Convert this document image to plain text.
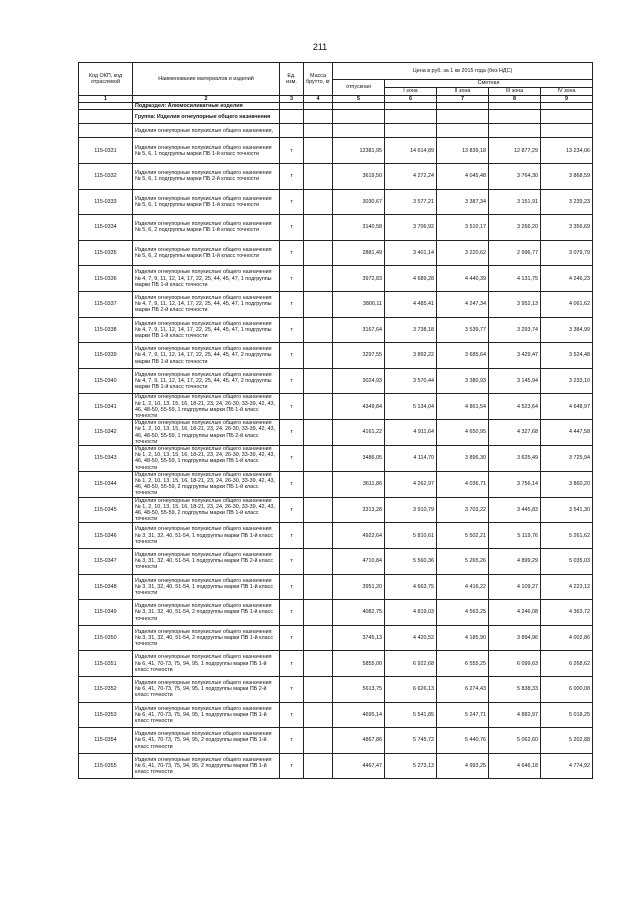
211
Код ОКП, код отраслевой	Наименование материалов и изделий	Ед. изм.	Масса брутто, кг	Цена в руб. за 1 кв 2015 года (без НДС)				
				отпускная	Сметная			
					I зона	II зона	III зона	IV зона
1	2	3	4	5	6	7	8	9
	Подраздел: Алюмосиликатные изделия							
	Группа: Изделия огнеупорные общего назначения							
	Изделия огнеупорные полукислые общего назначения,							
115-0331	Изделия огнеупорные полукислые общего назначения № 5, 6, 1 подгруппы марки ПБ 1-й класс точности	т		12381,95	14 614,89	13 839,18	12 877,29	13 234,06
115-0332	Изделия огнеупорные полукислые общего назначения № 5, 6, 1 подгруппы марки ПБ 2-й класс точности	т		3619,50	4 272,24	4 045,48	3 764,30	3 868,59
115-0333	Изделия огнеупорные полукислые общего назначения № 5, 6, 1 подгруппы марки ПВ 1-й класс точности	т		3030,67	3 577,21	3 387,34	3 151,91	3 239,23
115-0334	Изделия огнеупорные полукислые общего назначения № 5, 6, 2 подгруппы марки ПБ 1-й класс точности	т		3140,58	3 706,92	3 510,17	3 266,20	3 356,69
115-0335	Изделия огнеупорные полукислые общего назначения № 5, 6, 2 подгруппы марки ПВ 1-й класс точности	т		2881,49	3 401,14	3 220,62	2 996,77	3 079,79
115-0336	Изделия огнеупорные полукислые общего назначения № 4, 7, 9, 11, 12, 14, 17, 22, 25, 44, 45, 47, 1 подгруппы марки ПБ 1-й класс точности	т		3972,83	4 689,28	4 440,39	4 131,75	4 246,23
115-0337	Изделия огнеупорные полукислые общего назначения № 4, 7, 9, 11, 12, 14, 17, 22, 25, 44, 45, 47, 1 подгруппы марки ПБ 2-й класс точности	т		3800,11	4 485,41	4 247,34	3 952,13	4 061,62
115-0338	Изделия огнеупорные полукислые общего назначения № 4, 7, 9, 11, 12, 14, 17, 22, 25, 44, 45, 47, 1 подгруппы марки ПВ 1-й класс точности	т		3167,64	3 738,18	3 539,77	3 293,74	3 384,99
115-0339	Изделия огнеупорные полукислые общего назначения № 4, 7, 9, 11, 12, 14, 17, 22, 25, 44, 45, 47, 2 подгруппы марки ПБ 1-й класс точности	т		3297,55	3 892,22	3 685,64	3 429,47	3 524,48
115-0340	Изделия огнеупорные полукислые общего назначения № 4, 7, 9, 11, 12, 14, 17, 22, 25, 44, 45, 47, 2 подгруппы марки ПВ 1-й класс точности	т		3024,93	3 570,44	3 380,93	3 145,94	3 233,10
115-0341	Изделия огнеупорные полукислые общего назначения № 1, 2, 10, 13, 15, 16, 18-21, 23, 24, 26-30, 33-39, 42, 43, 46, 48-50, 55-59, 1 подгруппы марки ПБ 1-й класс точности	т		4349,84	5 134,04	4 861,54	4 523,64	4 648,97
115-0342	Изделия огнеупорные полукислые общего назначения № 1, 2, 10, 13, 15, 16, 18-21, 23, 24, 26-30, 33-39, 42, 43, 46, 48-50, 55-59, 1 подгруппы марки ПБ 2-й класс точности	т		4161,22	4 911,64	4 650,95	4 327,68	4 447,58
115-0343	Изделия огнеупорные полукислые общего назначения № 1, 2, 10, 13, 15, 16, 18-21, 23, 24, 26-30, 33-39, 42, 43, 46, 48-50, 55-59, 1 подгруппы марки ПВ 1-й класс точности	т		3486,05	4 114,70	3 896,30	3 625,49	3 725,94
115-0344	Изделия огнеупорные полукислые общего назначения № 1, 2, 10, 13, 15, 16, 18-21, 23, 24, 26-30, 33-39, 42, 43, 46, 48-50, 55-59, 2 подгруппы марки ПБ 1-й класс точности	т		3611,86	4 262,97	4 036,71	3 756,14	3 860,20
115-0345	Изделия огнеупорные полукислые общего назначения № 1, 2, 10, 13, 15, 16, 18-21, 23, 24, 26-30, 33-39, 42, 43, 46, 48-50, 55-59, 2 подгруппы марки ПВ 1-й класс точности	т		3313,28	3 910,79	3 703,22	3 445,83	3 541,30
115-0346	Изделия огнеупорные полукислые общего назначения № 3, 31, 32, 40, 51-54, 1 подгруппы марки ПБ 1-й класс точности	т		4922,64	5 810,61	5 502,21	5 119,76	5 261,62
115-0347	Изделия огнеупорные полукислые общего назначения № 3, 31, 32, 40, 51-54, 1 подгруппы марки ПБ 2-й класс точности	т		4710,84	5 560,36	5 265,26	4 899,29	5 035,03
115-0348	Изделия огнеупорные полукислые общего назначения № 3, 31, 32, 40, 51-54, 1 подгруппы марки ПВ 1-й класс точности	т		3951,20	4 663,75	4 416,22	4 109,27	4 223,12
115-0349	Изделия огнеупорные полукислые общего назначения № 3, 31, 32, 40, 51-54, 2 подгруппы марки ПБ 1-й класс точности	т		4082,75	4 819,03	4 563,25	4 246,08	4 363,72
115-0350	Изделия огнеупорные полукислые общего назначения № 3, 31, 32, 40, 51-54, 2 подгруппы марки ПВ 1-й класс точности	т		3745,13	4 420,52	4 185,90	3 894,96	4 002,86
115-0351	Изделия огнеупорные полукислые общего назначения № 6, 41, 70-73, 75, 94, 95, 1 подгруппы марки ПБ 1-й класс точности	т		5855,00	6 922,68	6 555,25	6 099,63	6 268,62
115-0352	Изделия огнеупорные полукислые общего назначения № 6, 41, 70-73, 75, 94, 95, 1 подгруппы марки ПБ 2-й класс точности	т		5613,75	6 626,13	6 274,43	5 838,33	6 000,08
115-0353	Изделия огнеупорные полукислые общего назначения № 6, 41, 70-73, 75, 94, 95, 1 подгруппы марки ПВ 1-й класс точности	т		4695,14	5 541,85	5 247,71	4 882,97	5 018,25
115-0354	Изделия огнеупорные полукислые общего назначения № 6, 41, 70-73, 75, 94, 95, 2 подгруппы марки ПБ 1-й класс точности	т		4867,86	5 745,72	5 440,76	5 062,60	5 202,88
115-0355	Изделия огнеупорные полукислые общего назначения № 6, 41, 70-73, 75, 94, 95, 2 подгруппы марки ПВ 1-й класс точности	т		4467,47	5 273,13	4 993,25	4 646,18	4 774,92
